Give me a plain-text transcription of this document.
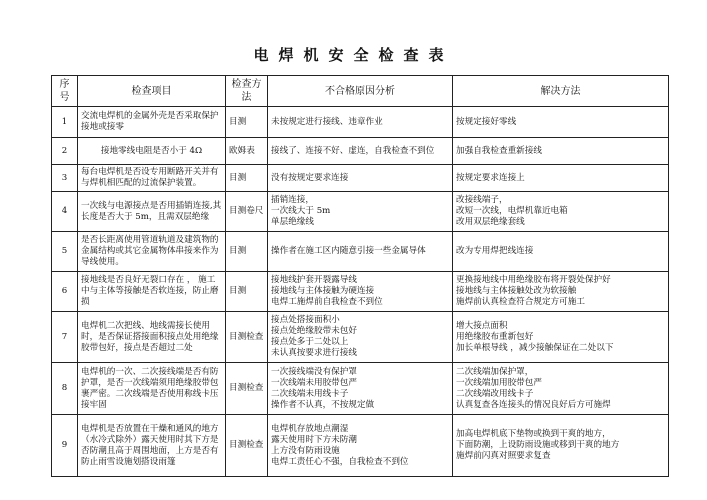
电焊机安全检查表
序号	检查项目	检查方法	不合格原因分析	解决方法
1	交流电焊机的金属外壳是否采取保护接地或接零	目测	未按规定进行接线、违章作业	按规定接好零线
2	接地零线电阻是否小于 4Ω	欧姆表	接线了、连接不好、虚连，自我检查不到位	加强自我检查重新接线
3	每台电焊机是否设专用断路开关并有与焊机相匹配的过流保护装置。	目测	没有按规定要求连接	按规定要求连接上
4	一次线与电源接点是否用插销连接,其长度是否大于 5m，且需双层绝缘	目测卷尺	插销连接，
一次线大于 5m
单层绝缘线	改接线端子，
改短一次线，电焊机靠近电箱
改用双层绝缘套线
5	是否长距离使用管道轨道及建筑物的金属结构或其它金属物体串接来作为导线使用。	目测	操作者在施工区内随意引接一些金属导体	改为专用焊把线连接
6	接地线是否良好无裂口存在 ， 施工中与主体等接触是否软连接，防止磨损	目测	接地线护套开裂露导线
接地线与主体接触为硬连接
电焊工施焊前自我检查不到位	更换接地线中用绝缘胶布将开裂处保护好
接地线与主体接触处改为软接触
施焊前认真检查符合规定方可施工
7	电焊机二次把线、地线需接长使用时，是否保证搭接面积接点处用绝缘胶带包好，接点是否超过二处	目测检查	接点处搭接面积小
接点处绝缘胶带未包好
接点处多于二处以上
未认真按要求进行接线	增大接点面积
用绝缘胶布重新包好
加长单根导线 ，减少接触保证在二处以下
8	电焊机的一次、二次接线端是否有防护罩，是否一次线端须用绝缘胶带包裹严密。二次线端是否使用称线卡压接牢固	目测检查	一次接线端没有保护罩
一次线端未用胶带包严
二次线端未用线卡子
操作者不认真，不按规定做	二次线端加保护罩，
一次线端加用胶带包严
二次线端改用线卡子
认真复查各连接头的情况良好后方可施焊
9	电焊机是否放置在干燥和通风的地方（水冷式除外）露天使用时其下方是否防潮且高于周围地面，上方是否有防止雨雪设施划搭设雨篷	目测检查	电焊机存放地点潮湿
露天使用时下方未防潮
上方没有防雨设施
电焊工责任心不强，自我检查不到位	加高电焊机底下垫物或换到干爽的地方，
下面防潮，上设防雨设施或移到干爽的地方
施焊前闪真对照要求复查
